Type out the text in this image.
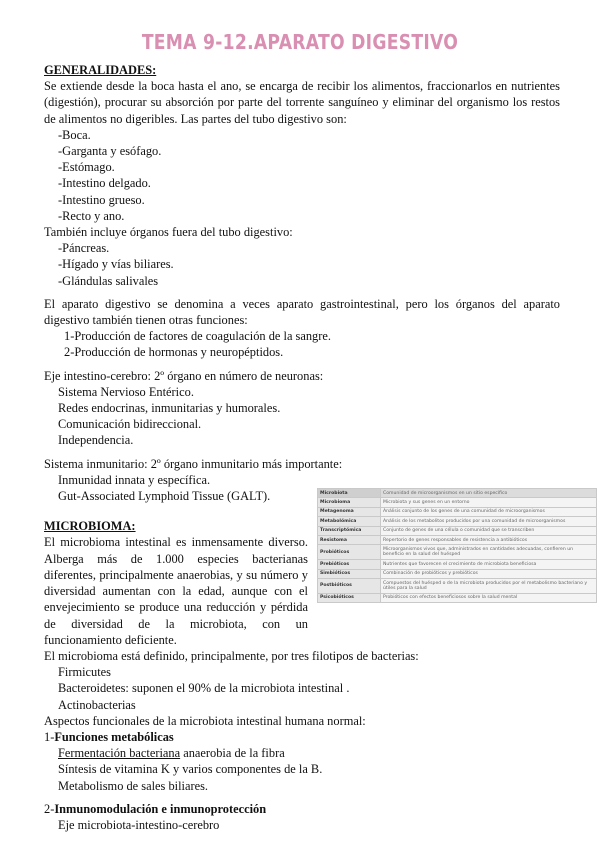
TEMA 9-12.APARATO DIGESTIVO

GENERALIDADES:

Se extiende desde la boca hasta el ano, se encarga de recibir los alimentos, fraccionarlos en nutrientes (digestión), procurar su absorción por parte del torrente sanguíneo y eliminar del organismo los restos de alimentos no digeribles. Las partes del tubo digestivo son:

-Boca.

-Garganta y esófago.

-Estómago.

-Intestino delgado.

-Intestino grueso.

-Recto y ano.

También incluye órganos fuera del tubo digestivo:

-Páncreas.

-Hígado y vías biliares.

-Glándulas salivales

El aparato digestivo se denomina a veces aparato gastrointestinal, pero los órganos del aparato digestivo también tienen otras funciones:

1-Producción de factores de coagulación de la sangre.

2-Producción de hormonas y neuropéptidos.

Eje intestino-cerebro: 2º órgano en número de neuronas:

Sistema Nervioso Entérico.

Redes endocrinas, inmunitarias y humorales.

Comunicación bidireccional.

Independencia.

Sistema inmunitario: 2º órgano inmunitario más importante:

Inmunidad innata y específica.

Gut-Associated Lymphoid Tissue (GALT).

MICROBIOMA:

El microbioma intestinal es inmensamente diverso. Alberga más de 1.000 especies bacterianas diferentes, principalmente anaerobias, y su número y diversidad aumentan con la edad, aunque con el envejecimiento se produce una reducción y pérdida de diversidad de la microbiota, con un funcionamiento deficiente.

El microbioma está definido, principalmente, por tres filotipos de bacterias:

Firmicutes

Bacteroidetes: suponen el 90% de la microbiota intestinal .

Actinobacterias

Aspectos funcionales de la microbiota intestinal humana normal:

1-Funciones metabólicas

Fermentación bacteriana anaerobia de la fibra

Síntesis de vitamina K y varios componentes de la B.

Metabolismo de sales biliares.

2-Inmunomodulación e inmunoprotección

Eje microbiota-intestino-cerebro

Microbiota	Comunidad de microorganismos en un sitio específico
Microbioma	Microbiota y sus genes en un entorno
Metagenoma	Análisis conjunto de los genes de una comunidad de microorganismos
Metabolómica	Análisis de los metabolitos producidos por una comunidad de microorganismos
Transcriptómica	Conjunto de genes de una célula o comunidad que se transcriben
Resistoma	Repertorio de genes responsables de resistencia a antibióticos
Probióticos	Microorganismos vivos que, administrados en cantidades adecuadas, confieren un beneficio en la salud del huésped
Prebióticos	Nutrientes que favorecen el crecimiento de microbiota beneficiosa
Simbióticos	Combinación de probióticos y prebióticos
Postbióticos	Compuestos del huésped o de la microbiota producidos por el metabolismo bacteriano y útiles para la salud
Psicobióticos	Probióticos con efectos beneficiosos sobre la salud mental
